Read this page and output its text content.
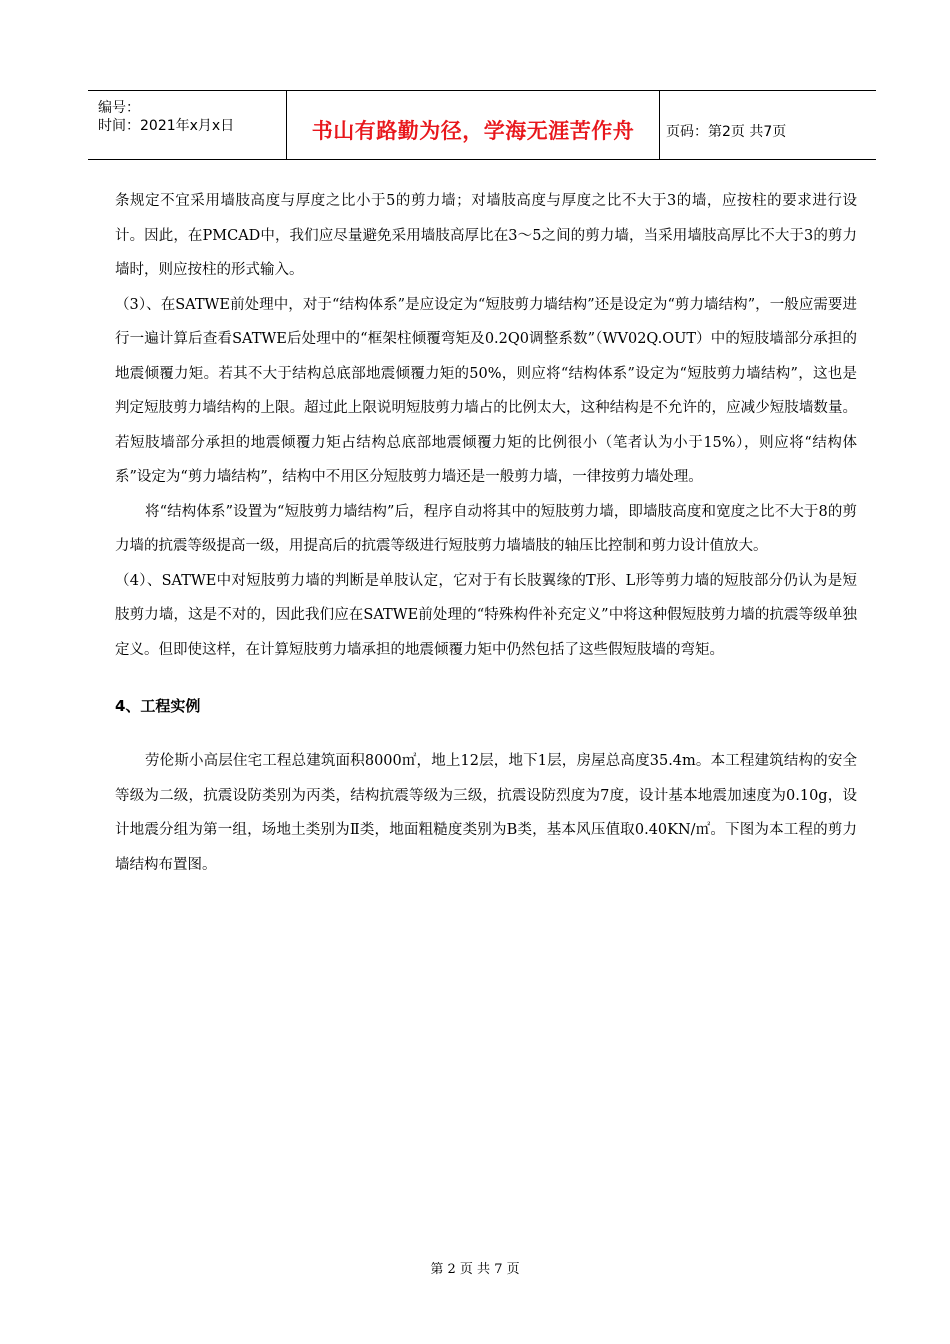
编号：
时间：2021年x月x日	书山有路勤为径，学海无涯苦作舟 页码：第2页 共7页

条规定不宜采用墙肢高度与厚度之比小于5的剪力墙；对墙肢高度与厚度之比不大于3的墙，应按柱的要求进行设计。因此，在PMCAD中，我们应尽量避免采用墙肢高厚比在3～5之间的剪力墙，当采用墙肢高厚比不大于3的剪力墙时，则应按柱的形式输入。

（3）、在SATWE前处理中，对于“结构体系”是应设定为“短肢剪力墙结构”还是设定为“剪力墙结构”，一般应需要进行一遍计算后查看SATWE后处理中的“框架柱倾覆弯矩及0.2Q0调整系数”（WV02Q.OUT）中的短肢墙部分承担的地震倾覆力矩。若其不大于结构总底部地震倾覆力矩的50%，则应将“结构体系”设定为“短肢剪力墙结构”，这也是判定短肢剪力墙结构的上限。超过此上限说明短肢剪力墙占的比例太大，这种结构是不允许的，应减少短肢墙数量。若短肢墙部分承担的地震倾覆力矩占结构总底部地震倾覆力矩的比例很小（笔者认为小于15%），则应将“结构体系”设定为“剪力墙结构”，结构中不用区分短肢剪力墙还是一般剪力墙，一律按剪力墙处理。

将“结构体系”设置为“短肢剪力墙结构”后，程序自动将其中的短肢剪力墙，即墙肢高度和宽度之比不大于8的剪力墙的抗震等级提高一级，用提高后的抗震等级进行短肢剪力墙墙肢的轴压比控制和剪力设计值放大。

（4）、SATWE中对短肢剪力墙的判断是单肢认定，它对于有长肢翼缘的T形、L形等剪力墙的短肢部分仍认为是短肢剪力墙，这是不对的，因此我们应在SATWE前处理的“特殊构件补充定义”中将这种假短肢剪力墙的抗震等级单独定义。但即使这样，在计算短肢剪力墙承担的地震倾覆力矩中仍然包括了这些假短肢墙的弯矩。

4、工程实例

劳伦斯小高层住宅工程总建筑面积8000㎡，地上12层，地下1层，房屋总高度35.4m。本工程建筑结构的安全等级为二级，抗震设防类别为丙类，结构抗震等级为三级，抗震设防烈度为7度，设计基本地震加速度为0.10g，设计地震分组为第一组，场地土类别为Ⅱ类，地面粗糙度类别为B类，基本风压值取0.40KN/㎡。下图为本工程的剪力墙结构布置图。

第 2 页 共 7 页
